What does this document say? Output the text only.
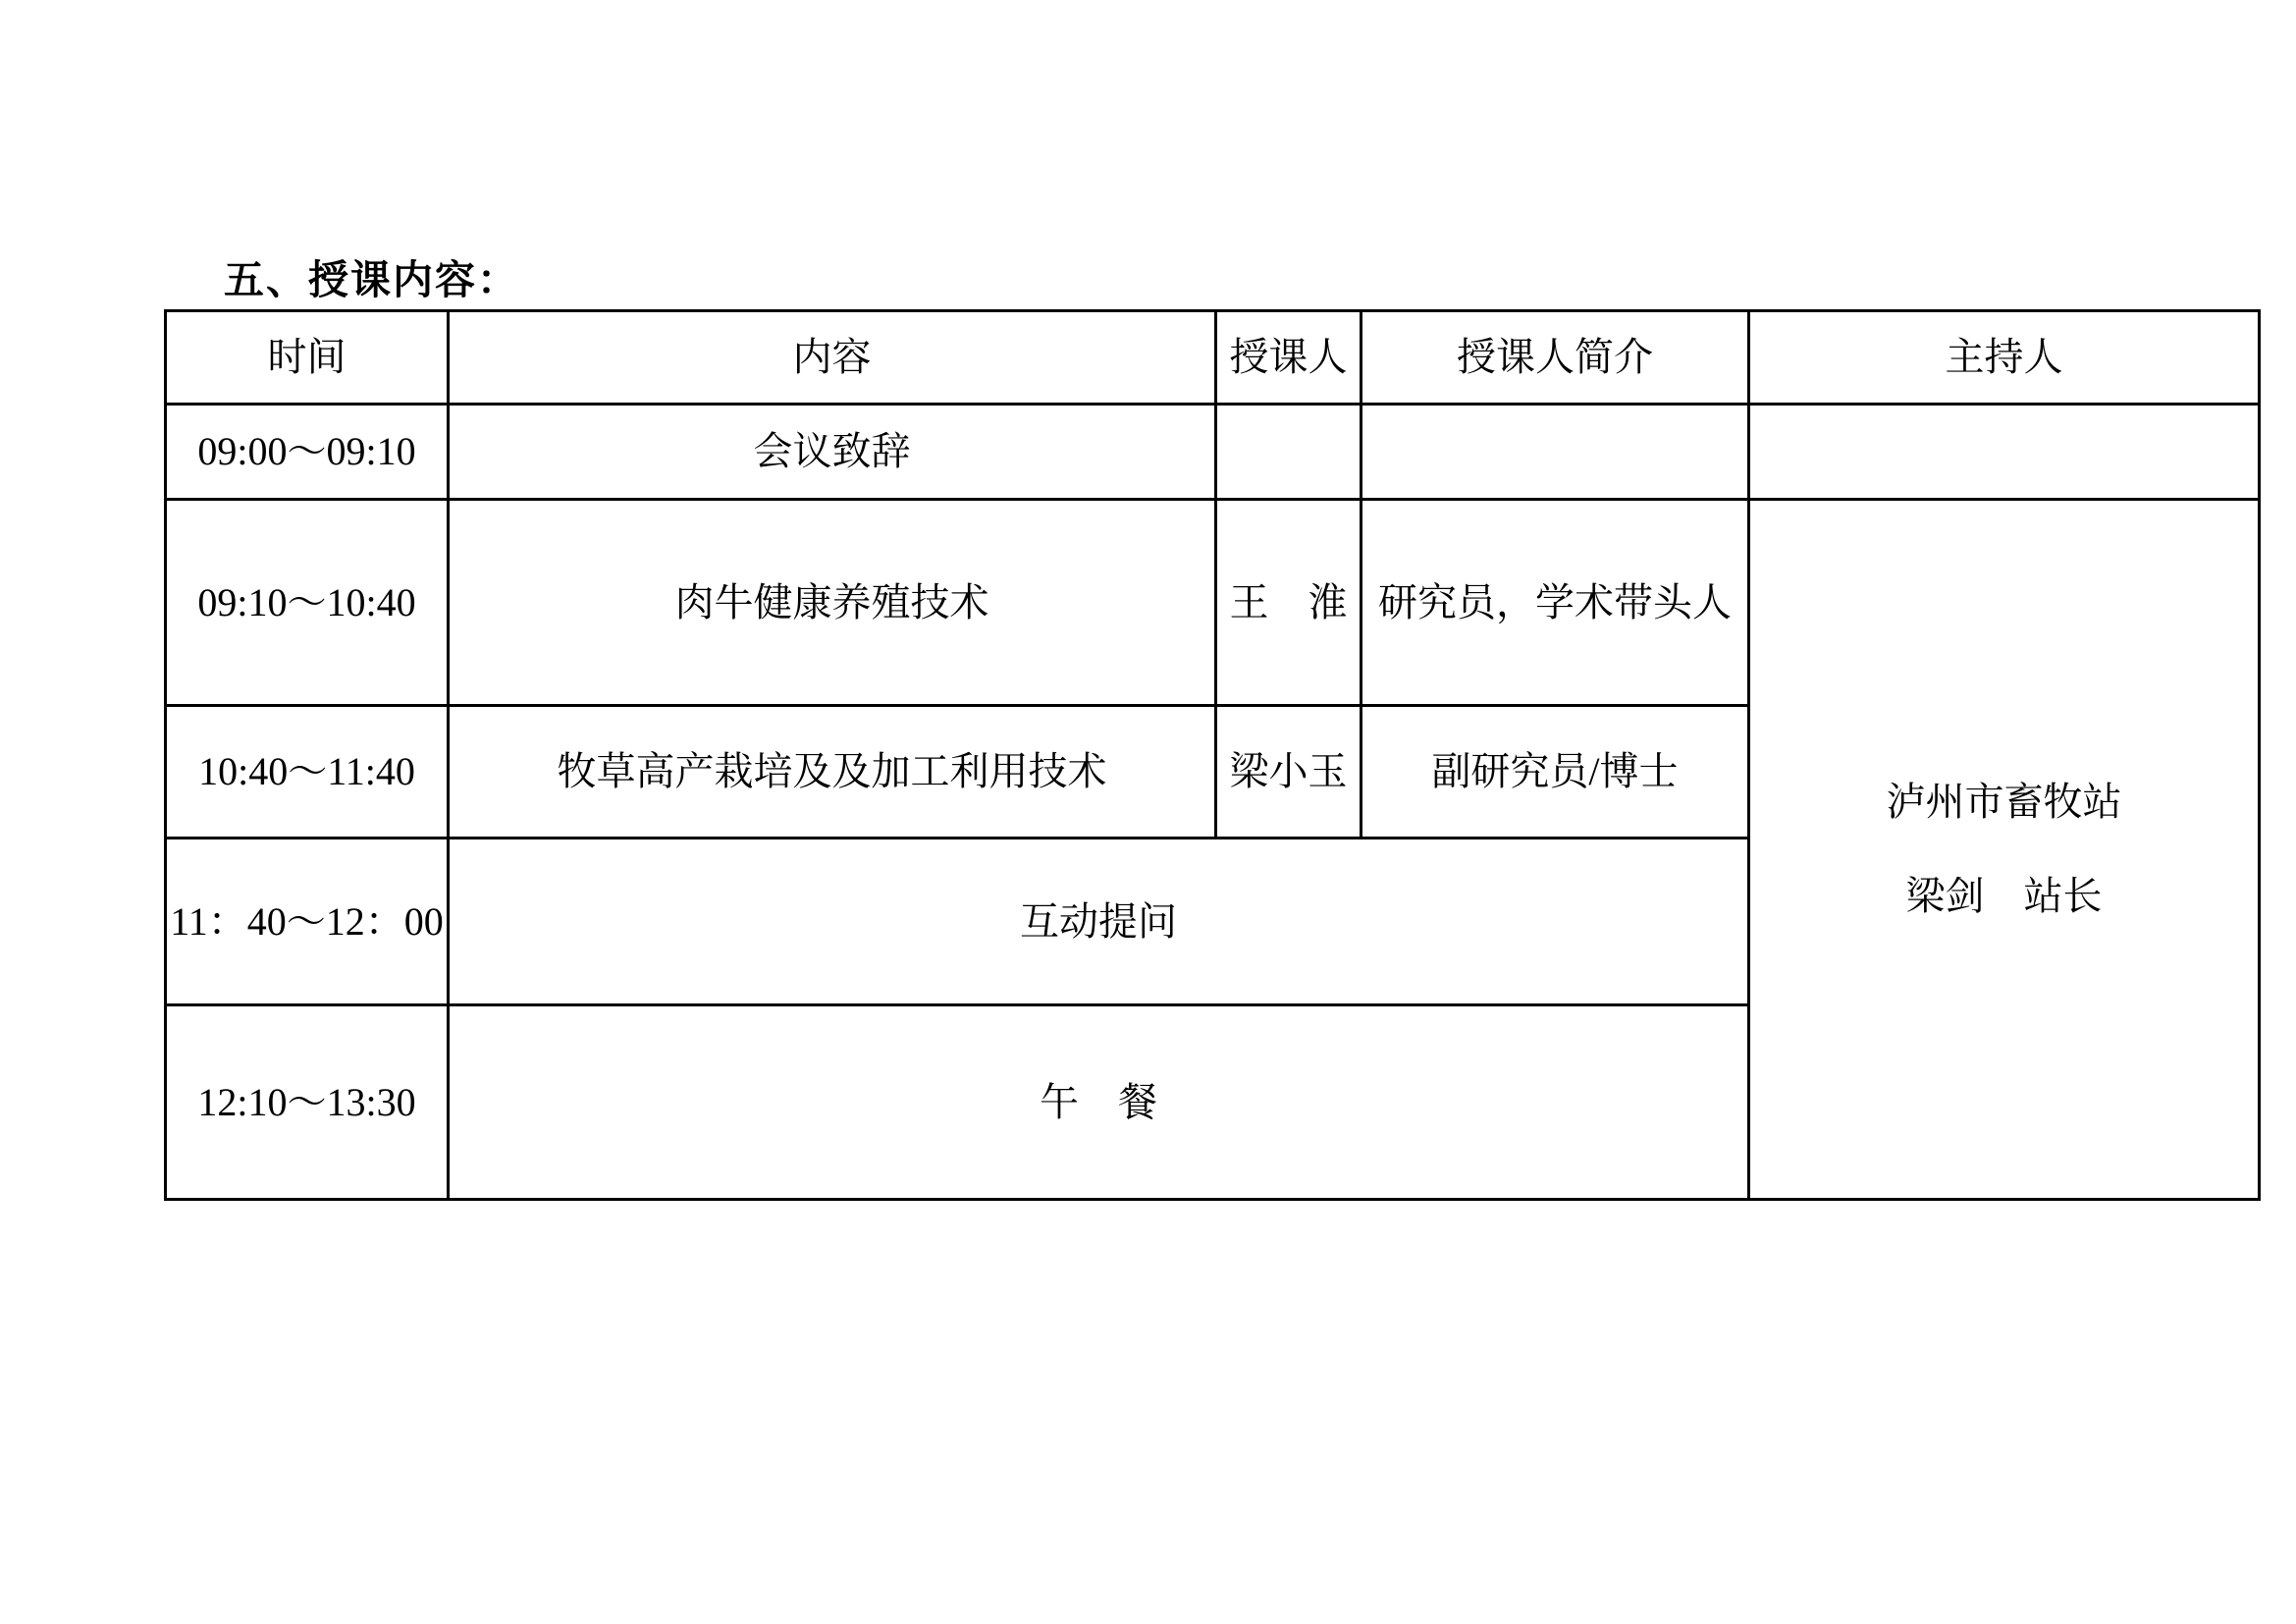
五、授课内容：
时间	内容	授课人	授课人简介	主持人
09:00～09:10	会议致辞			
09:10～10:40	肉牛健康养殖技术	王　淮	研究员，学术带头人	泸州市畜牧站
梁剑　站长

10:40～11:40	牧草高产栽培及及加工利用技术	梁小玉	副研究员/博士	
11：40～12：00	互动提问			
12:10～13:30	午　餐			
